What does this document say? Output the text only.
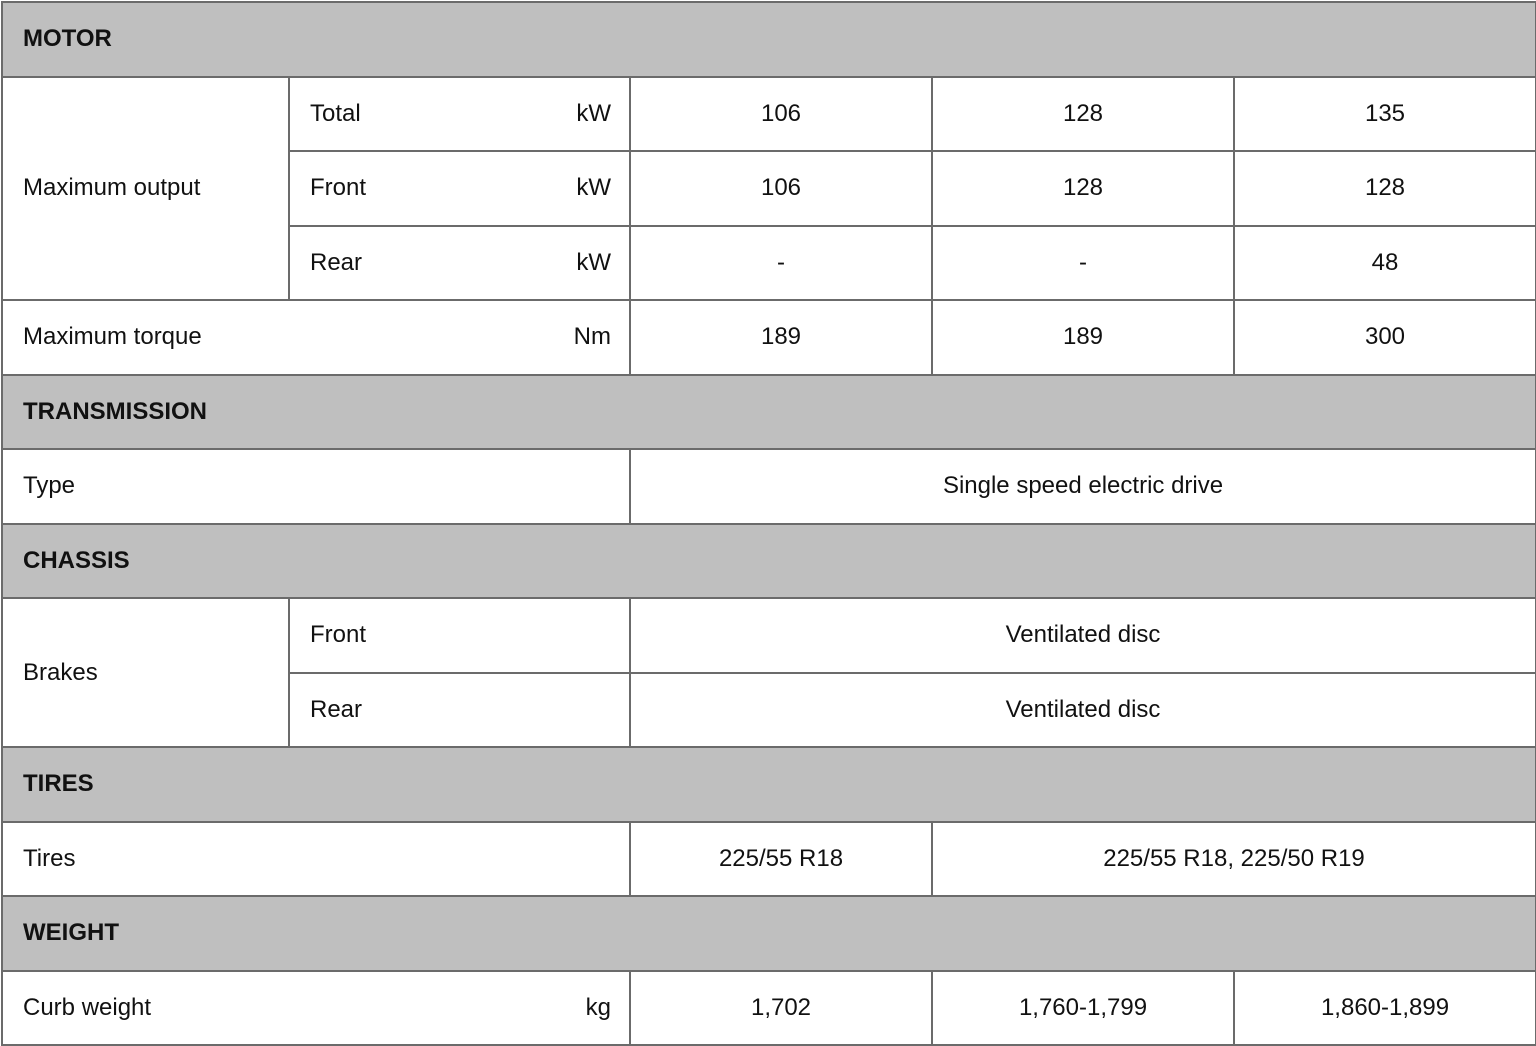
MOTOR				
Maximum output	Total kW	106	128	135

	Front kW	106	128	128

	Rear kW	-	-	48

Maximum torque Nm		189	189	300
TRANSMISSION				
Type		Single speed electric drive		
CHASSIS				
Brakes	Front	Ventilated disc		
	Rear	Ventilated disc		
TIRES				
Tires		225/55 R18	225/55 R18, 225/50 R19	
WEIGHT				

Curb weight kg		1,702	1,760-1,799	1,860-1,899
